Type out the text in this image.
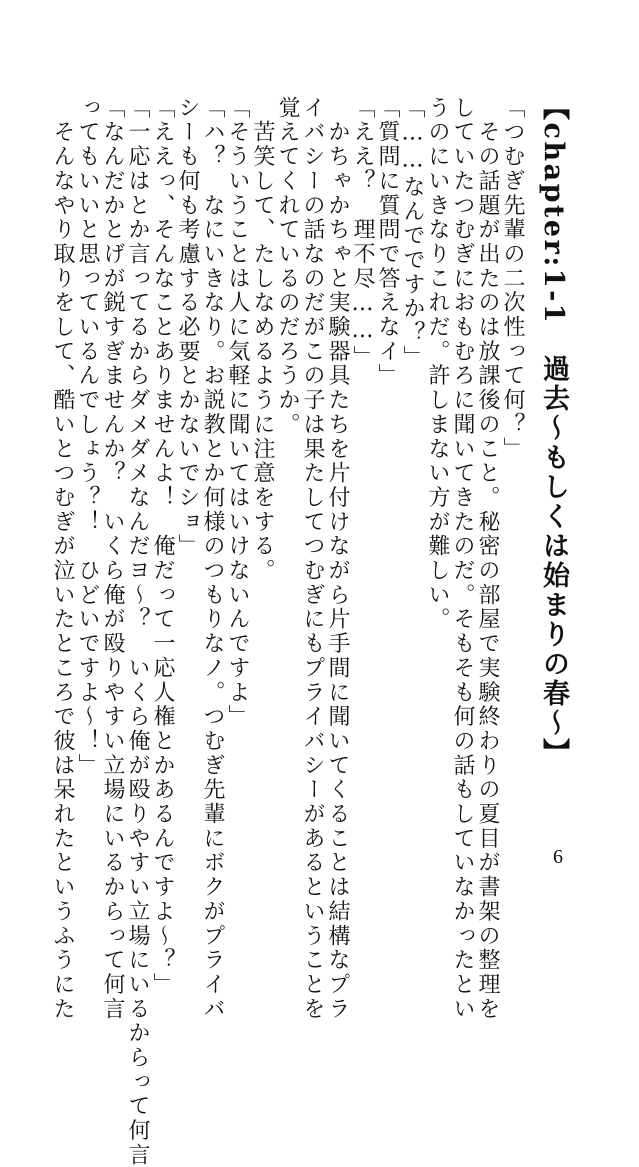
【chapter:1-1　過去〜もしくは始まりの春〜】
「つむぎ先輩の二次性って何？」
　その話題が出たのは放課後のこと。秘密の部屋で実験終わりの夏目が書架の整理を
していたつむぎにおもむろに聞いてきたのだ。そもそも何の話もしていなかったとい
うのにいきなりこれだ。許しまない方が難しい。
「……なんでですか？」
「質問に質問で答えなイ」
「ええ？　理不尽……」
　かちゃかちゃと実験器具たちを片付けながら片手間に聞いてくることは結構なプラ
イバシーの話なのだがこの子は果たしてつむぎにもプライバシーがあるということを
覚えてくれているのだろうか。
　苦笑して、たしなめるように注意をする。
「そういうことは人に気軽に聞いてはいけないんですよ」
「ハ？　なにいきなり。お説教とか何様のつもりなノ。つむぎ先輩にボクがプライバ
シーも何も考慮する必要とかないでショ」
「ええっ、そんなことありませんよ！　俺だって一応人権とかあるんですよ〜？」
「一応はとか言ってるからダメダメなんだヨ〜？　いくら俺が殴りやすい立場にいるからって何言
「なんだかとげが鋭すぎませんか？　いくら俺が殴りやすい立場にいるからって何言
ってもいいと思っているんでしょう？！　ひどいですよ〜！」
　そんなやり取りをして、酷いとつむぎが泣いたところで彼は呆れたというふうにた	6
